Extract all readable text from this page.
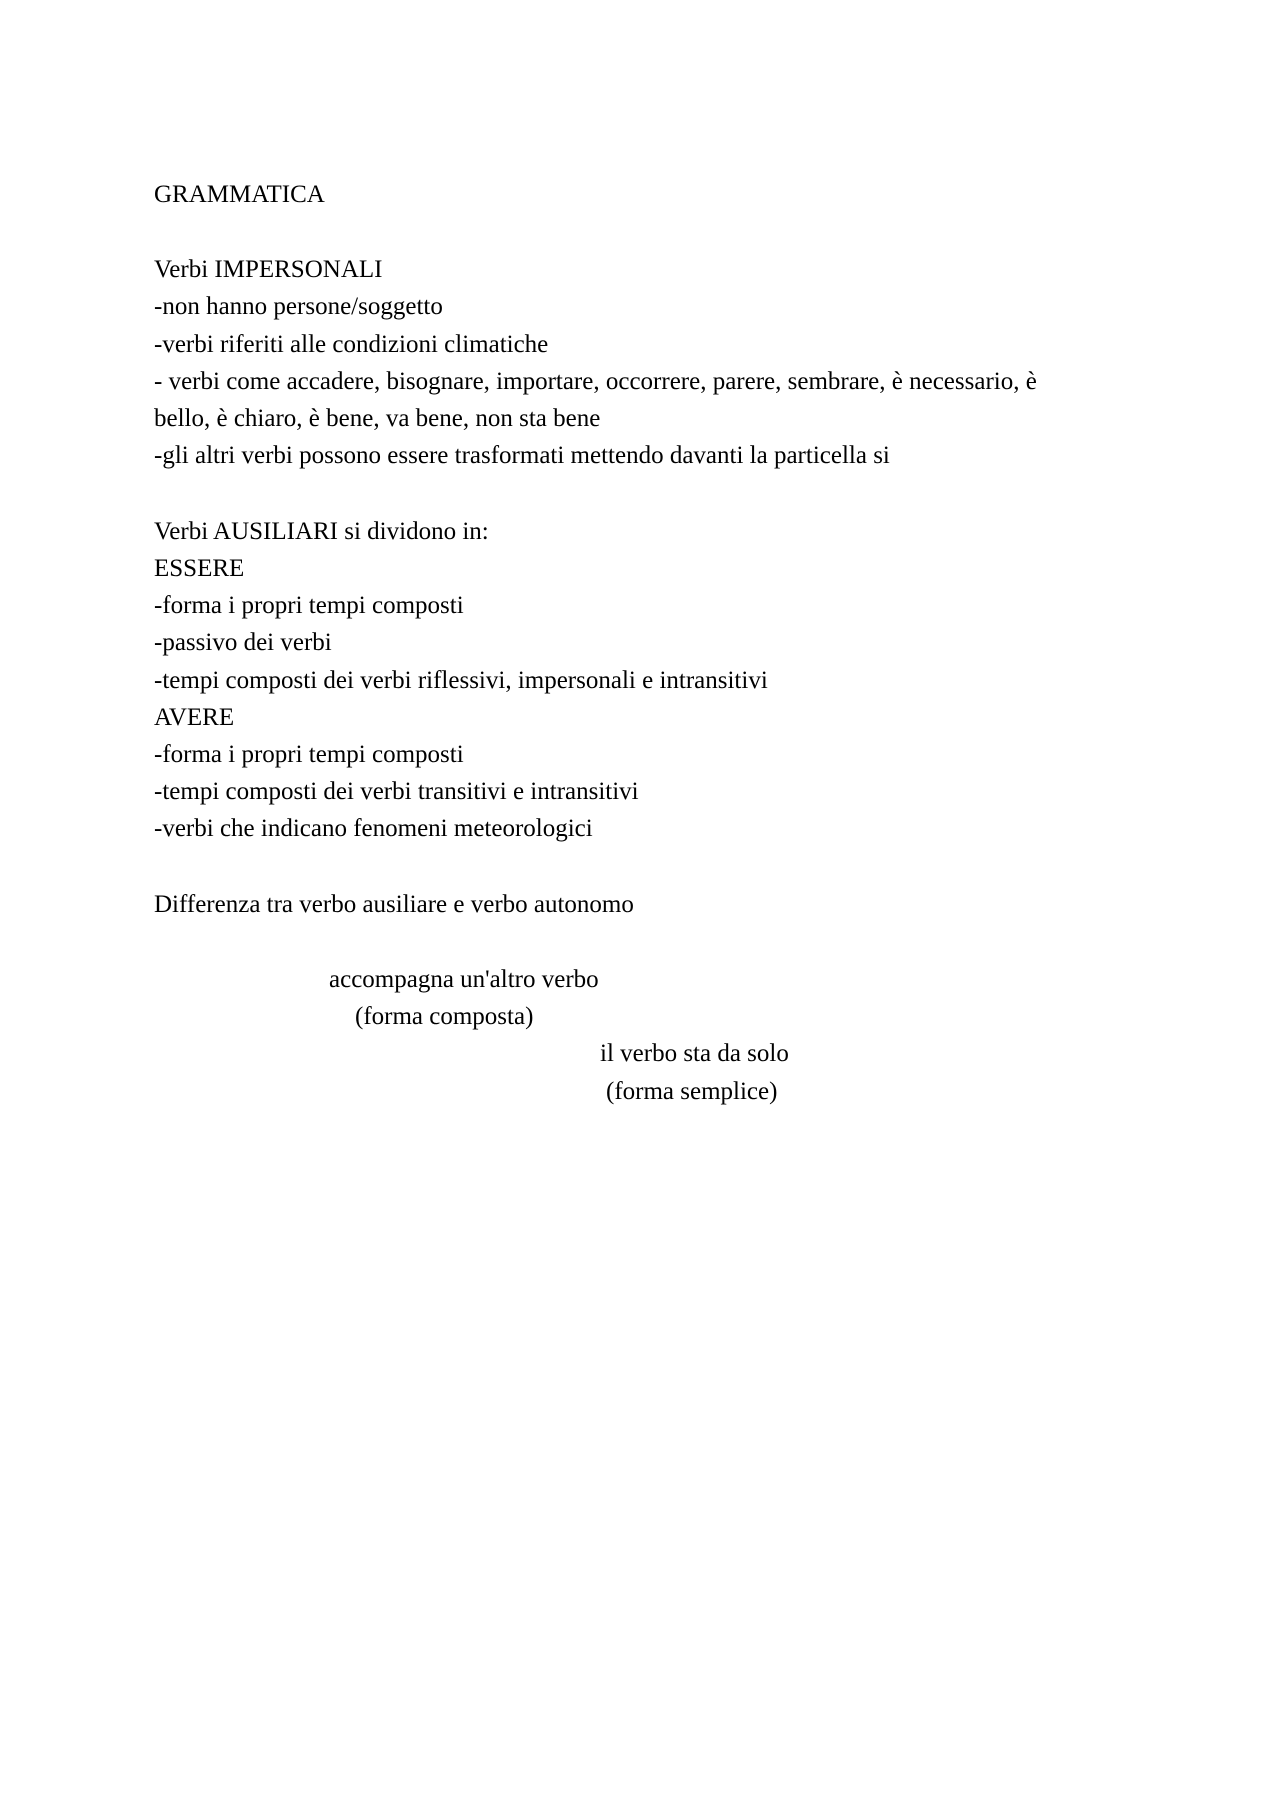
GRAMMATICA
Verbi IMPERSONALI
-non hanno persone/soggetto
-verbi riferiti alle condizioni climatiche
- verbi come accadere, bisognare, importare, occorrere, parere, sembrare, è necessario, è
bello, è chiaro, è bene, va bene, non sta bene
-gli altri verbi possono essere trasformati mettendo davanti la particella si
Verbi AUSILIARI si dividono in:
ESSERE
-forma i propri tempi composti
-passivo dei verbi
-tempi composti dei verbi riflessivi, impersonali e intransitivi
AVERE
-forma i propri tempi composti
-tempi composti dei verbi transitivi e intransitivi
-verbi che indicano fenomeni meteorologici
Differenza tra verbo ausiliare e verbo autonomo
accompagna un'altro verbo
(forma composta)
il verbo sta da solo
(forma semplice)
